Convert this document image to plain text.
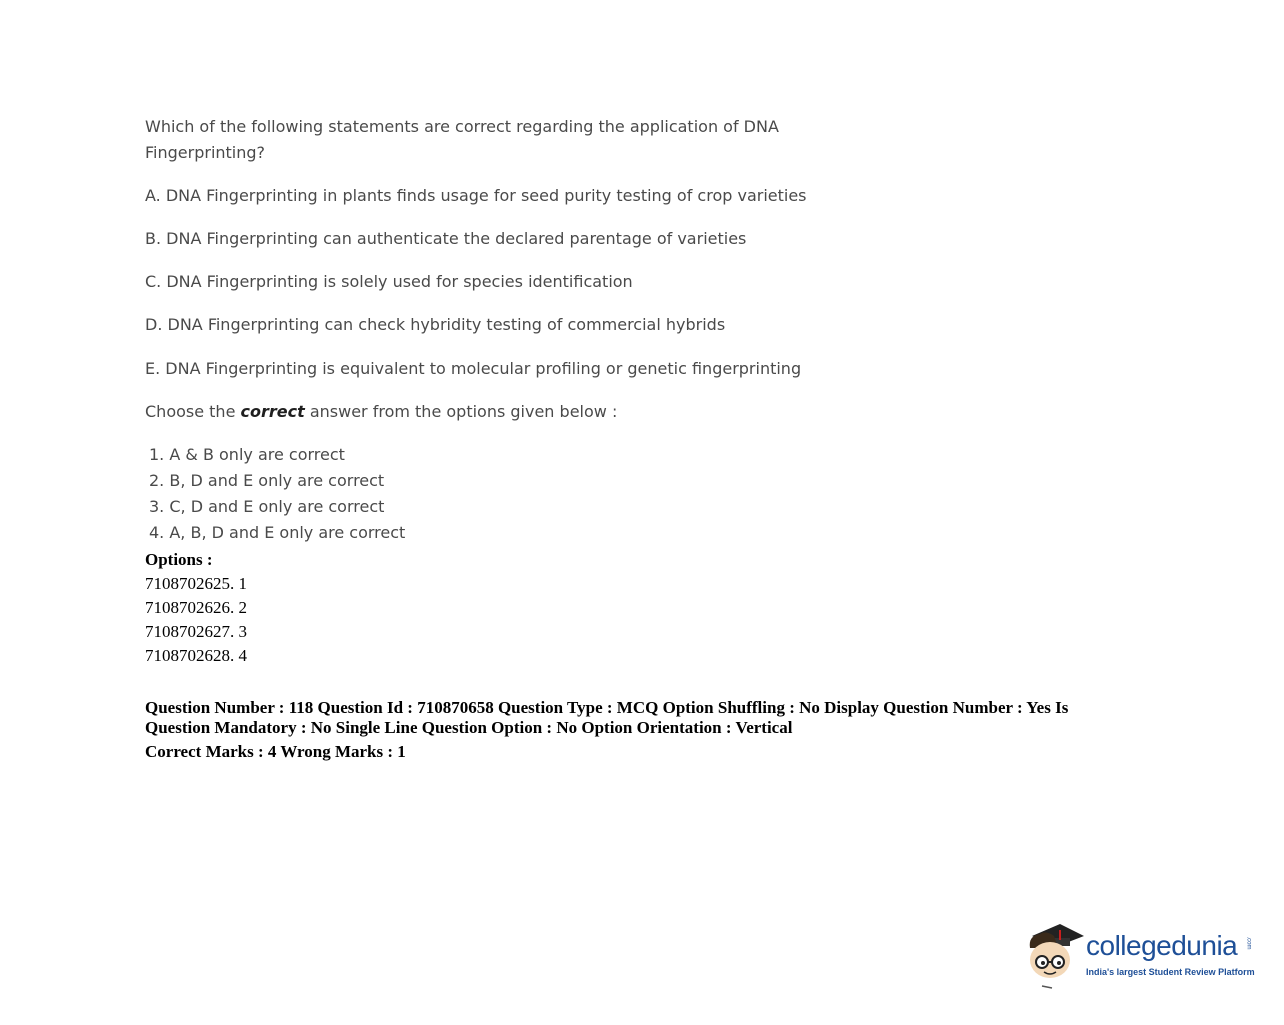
Which of the following statements are correct regarding the application of DNA
Fingerprinting?
A. DNA Fingerprinting in plants finds usage for seed purity testing of crop varieties
B. DNA Fingerprinting can authenticate the declared parentage of varieties
C. DNA Fingerprinting is solely used for species identification
D. DNA Fingerprinting can check hybridity testing of commercial hybrids
E. DNA Fingerprinting is equivalent to molecular profiling or genetic fingerprinting
Choose the correct answer from the options given below :
1. A & B only are correct
2. B, D and E only are correct
3. C, D and E only are correct
4. A, B, D and E only are correct
Options :
7108702625. 1
7108702626. 2
7108702627. 3
7108702628. 4
Question Number : 118 Question Id : 710870658 Question Type : MCQ Option Shuffling : No Display Question Number : Yes Is
Question Mandatory : No Single Line Question Option : No Option Orientation : Vertical
Correct Marks : 4 Wrong Marks : 1
collegedunia .com
India's largest Student Review Platform
